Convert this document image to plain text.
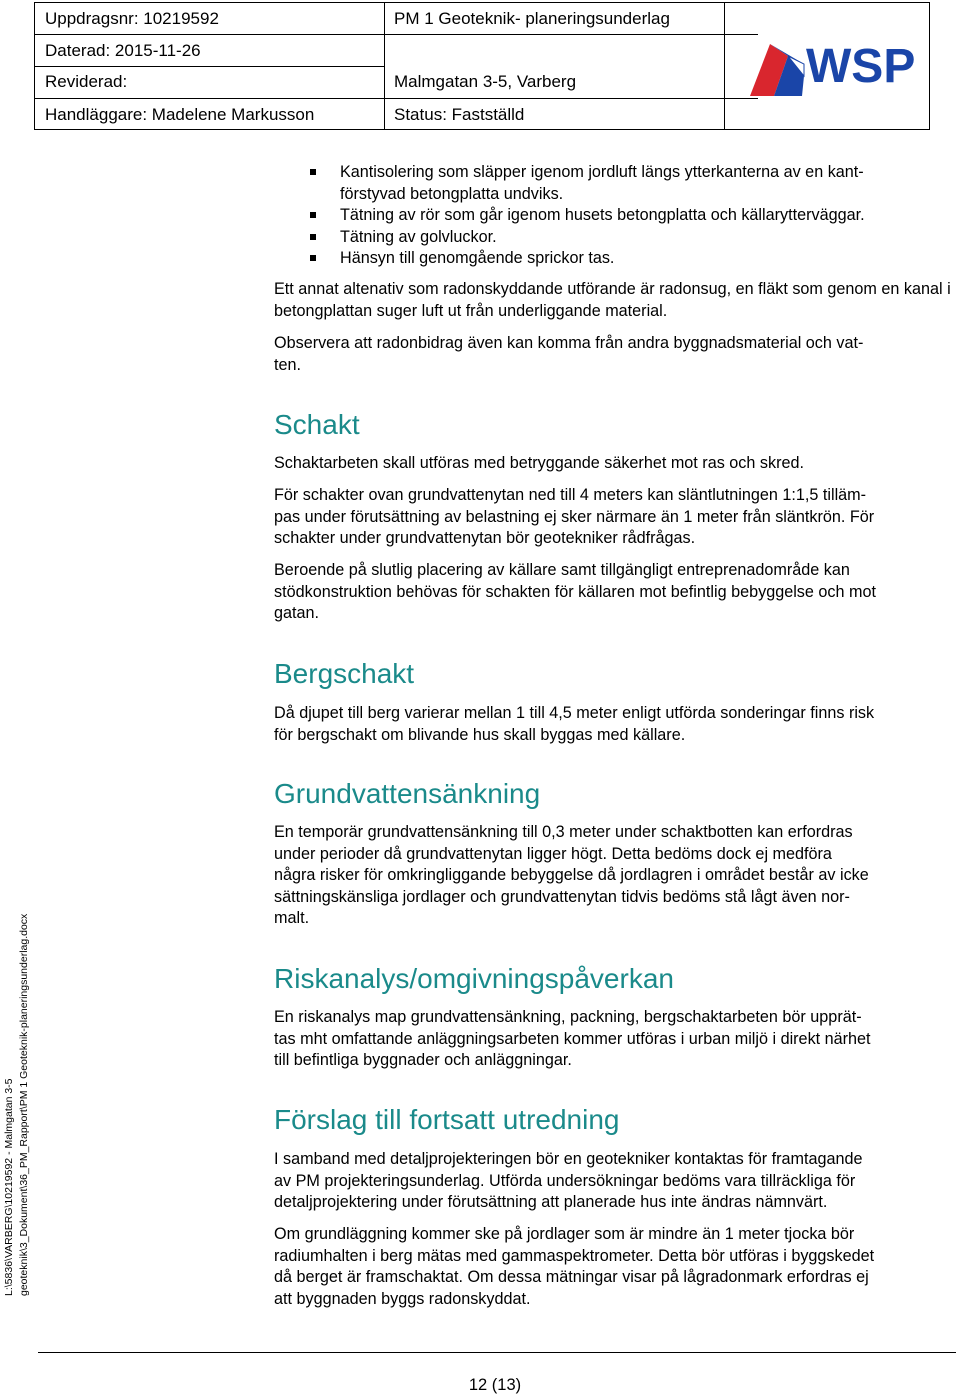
Uppdragsnr: 10219592	PM 1 Geoteknik- planeringsunderlag
Daterad: 2015-11-26
Reviderad:	Malmgatan 3-5, Varberg
Handläggare: Madelene Markusson	Status: Fastställd
WSP
Kantisolering som släpper igenom jordluft längs ytterkanterna av en kant-
förstyvad betongplatta undviks.
Tätning av rör som går igenom husets betongplatta och källarytterväggar.
Tätning av golvluckor.
Hänsyn till genomgående sprickor tas.

Ett annat altenativ som radonskyddande utförande är radonsug, en fläkt som genom en kanal i betongplattan suger luft ut från underliggande material.

Observera att radonbidrag även kan komma från andra byggnadsmaterial och vat-
ten.

Schakt

Schaktarbeten skall utföras med betryggande säkerhet mot ras och skred.

För schakter ovan grundvattenytan ned till 4 meters kan släntlutningen 1:1,5 tilläm-
pas under förutsättning av belastning ej sker närmare än 1 meter från släntkrön. För
schakter under grundvattenytan bör geotekniker rådfrågas.

Beroende på slutlig placering av källare samt tillgängligt entreprenadområde kan
stödkonstruktion behövas för schakten för källaren mot befintlig bebyggelse och mot
gatan.

Bergschakt

Då djupet till berg varierar mellan 1 till 4,5 meter enligt utförda sonderingar finns risk
för bergschakt om blivande hus skall byggas med källare.

Grundvattensänkning

En temporär grundvattensänkning till 0,3 meter under schaktbotten kan erfordras
under perioder då grundvattenytan ligger högt. Detta bedöms dock ej medföra
några risker för omkringliggande bebyggelse då jordlagren i området består av icke
sättningskänsliga jordlager och grundvattenytan tidvis bedöms stå lågt även nor-
malt.

Riskanalys/omgivningspåverkan

En riskanalys map grundvattensänkning, packning, bergschaktarbeten bör upprät-
tas mht omfattande anläggningsarbeten kommer utföras i urban miljö i direkt närhet
till befintliga byggnader och anläggningar.

Förslag till fortsatt utredning

I samband med detaljprojekteringen bör en geotekniker kontaktas för framtagande
av PM projekteringsunderlag. Utförda undersökningar bedöms vara tillräckliga för
detaljprojektering under förutsättning att planerade hus inte ändras nämnvärt.

Om grundläggning kommer ske på jordlager som är mindre än 1 meter tjocka bör
radiumhalten i berg mätas med gammaspektrometer. Detta bör utföras i byggskedet
då berget är framschaktat. Om dessa mätningar visar på lågradonmark erfordras ej
att byggnaden byggs radonskyddat.

L:\5836\VARBERG\10219592 - Malmgatan 3-5 geoteknik\3_Dokument\36_PM_Rapport\PM 1 Geoteknik-planeringsunderlag.docx
12 (13)
